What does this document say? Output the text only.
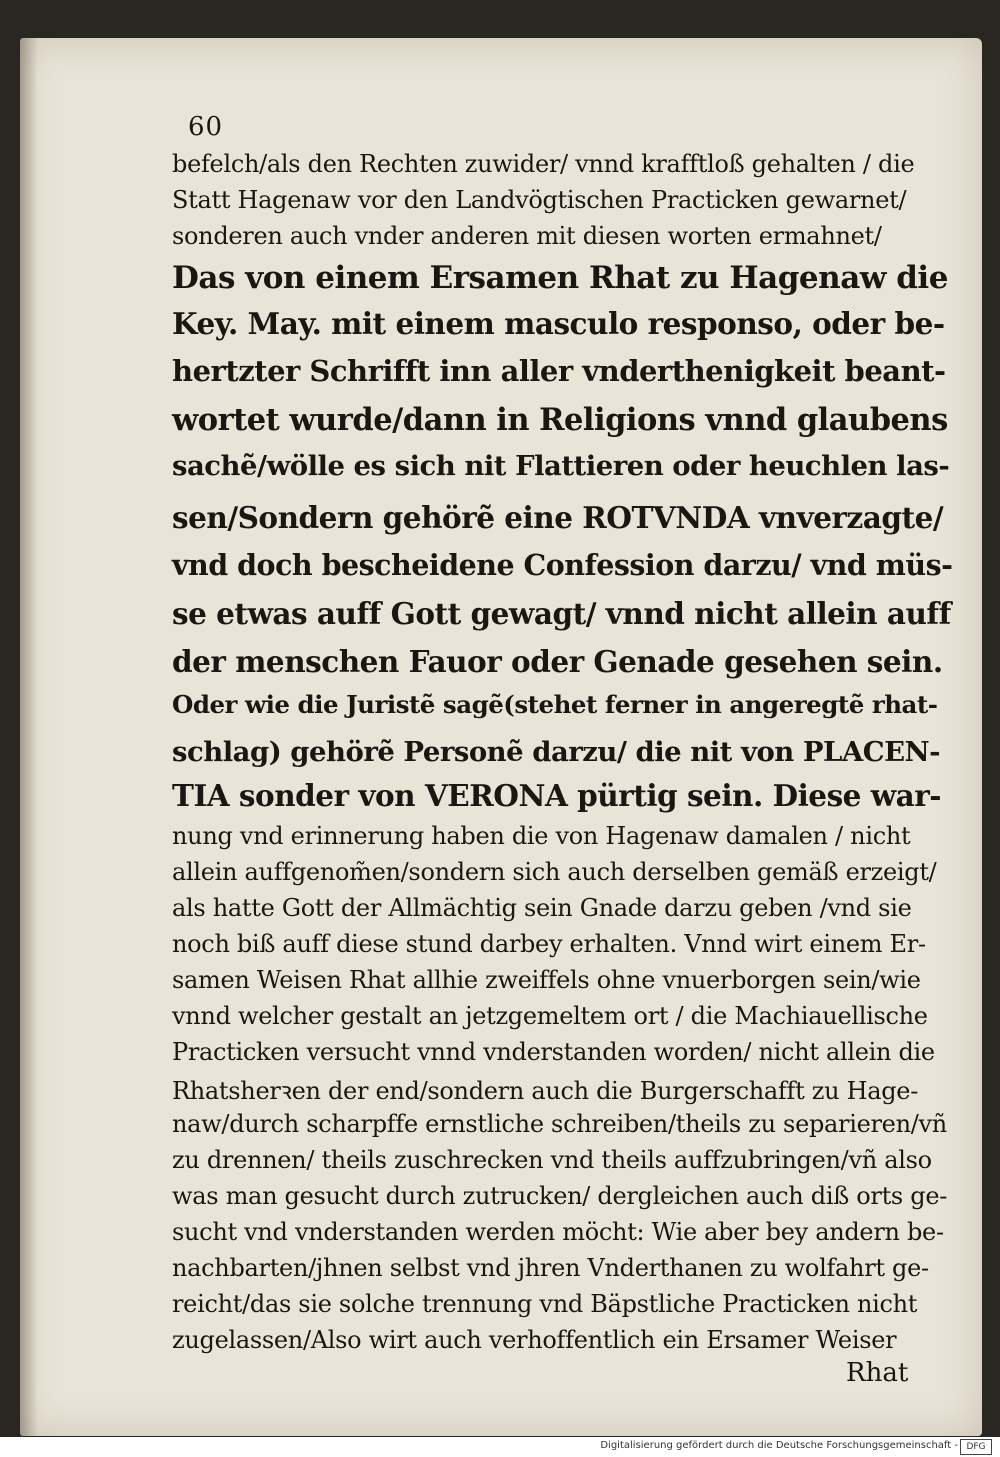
60
befelch/als den Rechten zuwider/ vnnd krafftloß gehalten / die
Statt Hagenaw vor den Landvögtischen Practicken gewarnet/
sonderen auch vnder anderen mit diesen worten ermahnet/
Das von einem Ersamen Rhat zu Hagenaw die
Key. May. mit einem masculo responso, oder be-
hertzter Schrifft inn aller vnderthenigkeit beant-
wortet wurde/dann in Religions vnnd glaubens
sachẽ/wölle es sich nit Flattieren oder heuchlen las-
sen/Sondern gehörẽ eine ROTVNDA vnverzagte/
vnd doch bescheidene Confession darzu/ vnd müs-
se etwas auff Gott gewagt/ vnnd nicht allein auff
der menschen Fauor oder Genade gesehen sein.
Oder wie die Juristẽ sagẽ(stehet ferner in angeregtẽ rhat-
schlag) gehörẽ Personẽ darzu/ die nit von PLACEN-
TIA sonder von VERONA pürtig sein. Diese war-
nung vnd erinnerung haben die von Hagenaw damalen / nicht
allein auffgenom̃en/sondern sich auch derselben gemäß erzeigt/
als hatte Gott der Allmächtig sein Gnade darzu geben /vnd sie
noch biß auff diese stund darbey erhalten. Vnnd wirt einem Er-
samen Weisen Rhat allhie zweiffels ohne vnuerborgen sein/wie
vnnd welcher gestalt an jetzgemeltem ort / die Machiauellische
Practicken versucht vnnd vnderstanden worden/ nicht allein die
Rhatsherꝛen der end/sondern auch die Burgerschafft zu Hage-
naw/durch scharpffe ernstliche schreiben/theils zu separieren/vñ
zu drennen/ theils zuschrecken vnd theils auffzubringen/vñ also
was man gesucht durch zutrucken/ dergleichen auch diß orts ge-
sucht vnd vnderstanden werden möcht: Wie aber bey andern be-
nachbarten/jhnen selbst vnd jhren Vnderthanen zu wolfahrt ge-
reicht/das sie solche trennung vnd Bäpstliche Practicken nicht
zugelassen/Also wirt auch verhoffentlich ein Ersamer Weiser
Rhat
Digitalisierung gefördert durch die Deutsche Forschungsgemeinschaft - DFG
